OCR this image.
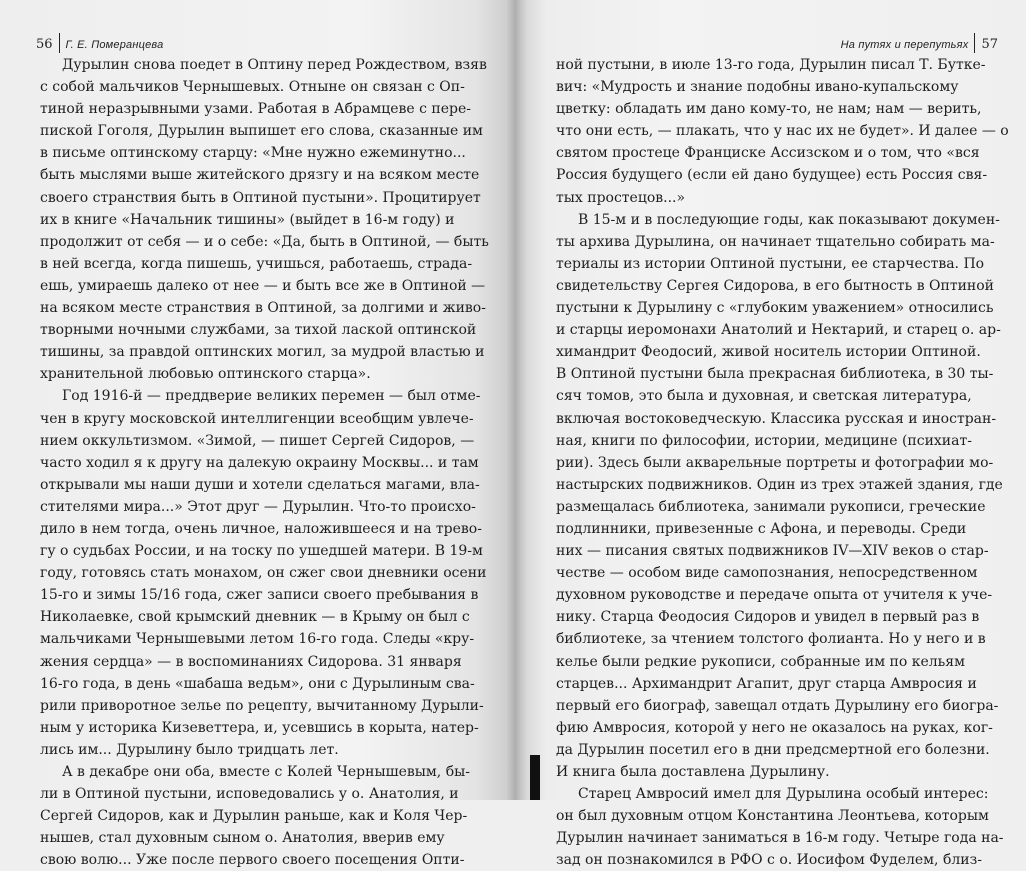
56 Г. Е. Померанцева
Дурылин снова поедет в Оптину перед Рождеством, взяв
с собой мальчиков Чернышевых. Отныне он связан с Оп-
тиной неразрывными узами. Работая в Абрамцеве с пере-
пиской Гоголя, Дурылин выпишет его слова, сказанные им
в письме оптинскому старцу: «Мне нужно ежеминутно...
быть мыслями выше житейского дрязгу и на всяком месте
своего странствия быть в Оптиной пустыни». Процитирует
их в книге «Начальник тишины» (выйдет в 16-м году) и
продолжит от себя — и о себе: «Да, быть в Оптиной, — быть
в ней всегда, когда пишешь, учишься, работаешь, страда-
ешь, умираешь далеко от нее — и быть все же в Оптиной —
на всяком месте странствия в Оптиной, за долгими и живо-
творными ночными службами, за тихой лаской оптинской
тишины, за правдой оптинских могил, за мудрой властью и
хранительной любовью оптинского старца».
Год 1916-й — преддверие великих перемен — был отме-
чен в кругу московской интеллигенции всеобщим увлече-
нием оккультизмом. «Зимой, — пишет Сергей Сидоров, —
часто ходил я к другу на далекую окраину Москвы... и там
открывали мы наши души и хотели сделаться магами, вла-
стителями мира...» Этот друг — Дурылин. Что-то происхо-
дило в нем тогда, очень личное, наложившееся и на трево-
гу о судьбах России, и на тоску по ушедшей матери. В 19-м
году, готовясь стать монахом, он сжег свои дневники осени
15-го и зимы 15/16 года, сжег записи своего пребывания в
Николаевке, свой крымский дневник — в Крыму он был с
мальчиками Чернышевыми летом 16-го года. Следы «кру-
жения сердца» — в воспоминаниях Сидорова. 31 января
16-го года, в день «шабаша ведьм», они с Дурылиным сва-
рили приворотное зелье по рецепту, вычитанному Дурыли-
ным у историка Кизеветтера, и, усевшись в корыта, натер-
лись им... Дурылину было тридцать лет.
А в декабре они оба, вместе с Колей Чернышевым, бы-
ли в Оптиной пустыни, исповедовались у о. Анатолия, и
Сергей Сидоров, как и Дурылин раньше, как и Коля Чер-
нышев, стал духовным сыном о. Анатолия, вверив ему
свою волю... Уже после первого своего посещения Опти-
На путях и перепутьях 57
ной пустыни, в июле 13-го года, Дурылин писал Т. Бутке-
вич: «Мудрость и знание подобны ивано-купальскому
цветку: обладать им дано кому-то, не нам; нам — верить,
что они есть, — плакать, что у нас их не будет». И далее — о
святом простеце Франциске Ассизском и о том, что «вся
Россия будущего (если ей дано будущее) есть Россия свя-
тых простецов...»
В 15-м и в последующие годы, как показывают докумен-
ты архива Дурылина, он начинает тщательно собирать ма-
териалы из истории Оптиной пустыни, ее старчества. По
свидетельству Сергея Сидорова, в его бытность в Оптиной
пустыни к Дурылину с «глубоким уважением» относились
и старцы иеромонахи Анатолий и Нектарий, и старец о. ар-
химандрит Феодосий, живой носитель истории Оптиной.
В Оптиной пустыни была прекрасная библиотека, в 30 ты-
сяч томов, это была и духовная, и светская литература,
включая востоковедческую. Классика русская и иностран-
ная, книги по философии, истории, медицине (психиат-
рии). Здесь были акварельные портреты и фотографии мо-
настырских подвижников. Один из трех этажей здания, где
размещалась библиотека, занимали рукописи, греческие
подлинники, привезенные с Афона, и переводы. Среди
них — писания святых подвижников IV—XIV веков о стар-
честве — особом виде самопознания, непосредственном
духовном руководстве и передаче опыта от учителя к уче-
нику. Старца Феодосия Сидоров и увидел в первый раз в
библиотеке, за чтением толстого фолианта. Но у него и в
келье были редкие рукописи, собранные им по кельям
старцев... Архимандрит Агапит, друг старца Амвросия и
первый его биограф, завещал отдать Дурылину его биогра-
фию Амвросия, которой у него не оказалось на руках, ког-
да Дурылин посетил его в дни предсмертной его болезни.
И книга была доставлена Дурылину.
Старец Амвросий имел для Дурылина особый интерес:
он был духовным отцом Константина Леонтьева, которым
Дурылин начинает заниматься в 16-м году. Четыре года на-
зад он познакомился в РФО с о. Иосифом Фуделем, близ-
